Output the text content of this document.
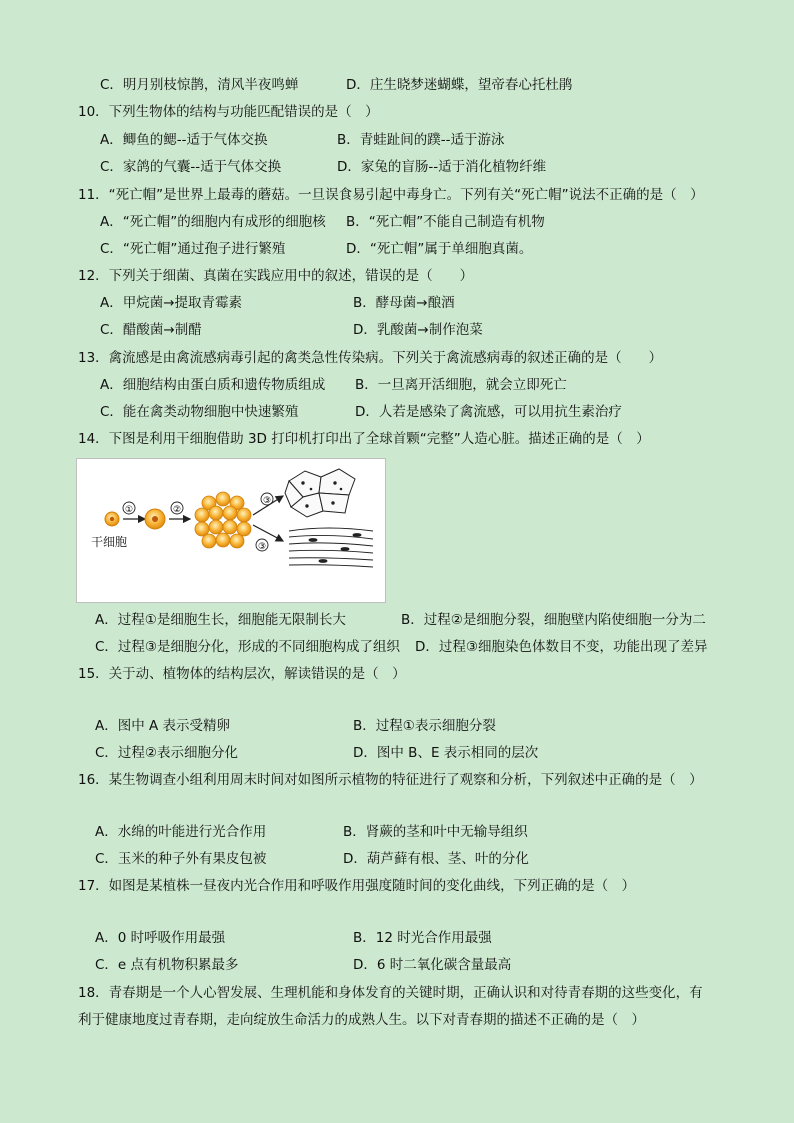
C．明月别枝惊鹊，清风半夜鸣蝉	D．庄生晓梦迷蝴蝶，望帝春心托杜鹃
10．下列生物体的结构与功能匹配错误的是（　）
A．鲫鱼的鳃--适于气体交换	B．青蛙趾间的蹼--适于游泳
C．家鸽的气囊--适于气体交换	D．家兔的盲肠--适于消化植物纤维
11．“死亡帽”是世界上最毒的蘑菇。一旦误食易引起中毒身亡。下列有关“死亡帽”说法不正确的是（　）
A．“死亡帽”的细胞内有成形的细胞核 B．“死亡帽”不能自己制造有机物
C．“死亡帽”通过孢子进行繁殖	D．“死亡帽”属于单细胞真菌。
12．下列关于细菌、真菌在实践应用中的叙述，错误的是（　　）
A．甲烷菌→提取青霉素	B．酵母菌→酿酒
C．醋酸菌→制醋	D．乳酸菌→制作泡菜
13．禽流感是由禽流感病毒引起的禽类急性传染病。下列关于禽流感病毒的叙述正确的是（　　）
A．细胞结构由蛋白质和遗传物质组成 B．一旦离开活细胞，就会立即死亡
C．能在禽类动物细胞中快速繁殖	D．人若是感染了禽流感，可以用抗生素治疗
14．下图是利用干细胞借助 3D 打印机打印出了全球首颗“完整”人造心脏。描述正确的是（　）
干细胞
①	②
③
③
A．过程①是细胞生长，细胞能无限制长大	B．过程②是细胞分裂，细胞壁内陷使细胞一分为二
C．过程③是细胞分化，形成的不同细胞构成了组织 D．过程③细胞染色体数目不变，功能出现了差异
15．关于动、植物体的结构层次，解读错误的是（　）
A．图中 A 表示受精卵	B．过程①表示细胞分裂
C．过程②表示细胞分化	D．图中 B、E 表示相同的层次
16．某生物调查小组利用周末时间对如图所示植物的特征进行了观察和分析，下列叙述中正确的是（　）
A．水绵的叶能进行光合作用	B．肾蕨的茎和叶中无输导组织
C．玉米的种子外有果皮包被	D．葫芦藓有根、茎、叶的分化
17．如图是某植株一昼夜内光合作用和呼吸作用强度随时间的变化曲线，下列正确的是（　）
A．0 时呼吸作用最强	B．12 时光合作用最强
C．e 点有机物积累最多	D．6 时二氧化碳含量最高
18．青春期是一个人心智发展、生理机能和身体发育的关键时期，正确认识和对待青春期的这些变化，有
利于健康地度过青春期，走向绽放生命活力的成熟人生。以下对青春期的描述不正确的是（　）
